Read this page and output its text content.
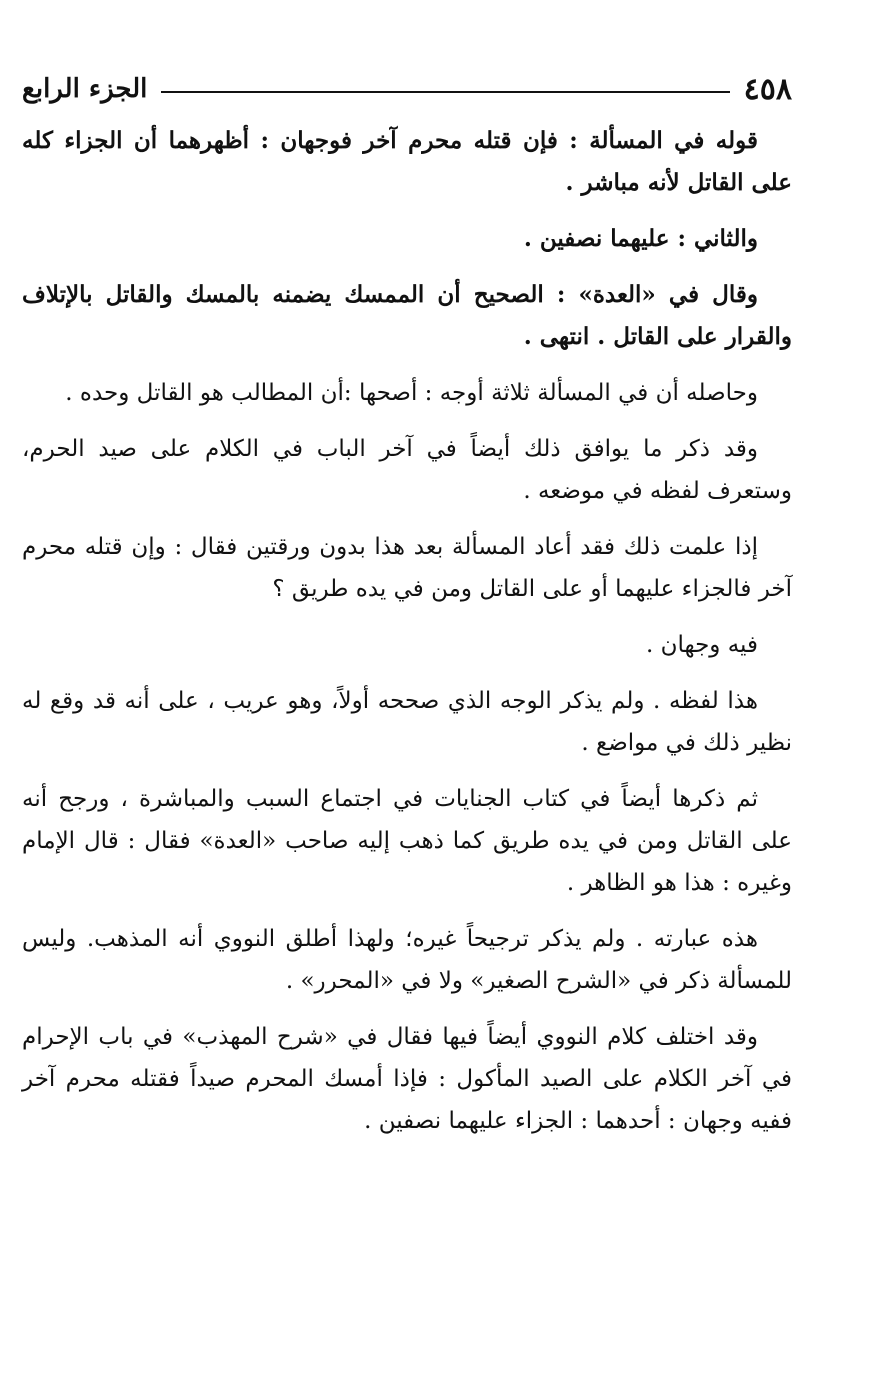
٤٥٨
الجزء الرابع

قوله في المسألة : فإن قتله محرم آخر فوجهان : أظهرهما أن الجزاء كله على القاتل لأنه مباشر .

والثاني : عليهما نصفين .

وقال في «العدة» : الصحيح أن الممسك يضمنه بالمسك والقاتل بالإتلاف والقرار على القاتل . انتهى .

وحاصله أن في المسألة ثلاثة أوجه : أصحها :أن المطالب هو القاتل وحده .

وقد ذكر ما يوافق ذلك أيضاً في آخر الباب في الكلام على صيد الحرم، وستعرف لفظه في موضعه .

إذا علمت ذلك فقد أعاد المسألة بعد هذا بدون ورقتين فقال : وإن قتله محرم آخر فالجزاء عليهما أو على القاتل ومن في يده طريق ؟

فيه وجهان .

هذا لفظه . ولم يذكر الوجه الذي صححه أولاً، وهو عريب ، على أنه قد وقع له نظير ذلك في مواضع .

ثم ذكرها أيضاً في كتاب الجنايات في اجتماع السبب والمباشرة ، ورجح أنه على القاتل ومن في يده طريق كما ذهب إليه صاحب «العدة» فقال : قال الإمام وغيره : هذا هو الظاهر .

هذه عبارته . ولم يذكر ترجيحاً غيره؛ ولهذا أطلق النووي أنه المذهب. وليس للمسألة ذكر في «الشرح الصغير» ولا في «المحرر» .

وقد اختلف كلام النووي أيضاً فيها فقال في «شرح المهذب» في باب الإحرام في آخر الكلام على الصيد المأكول : فإذا أمسك المحرم صيداً فقتله محرم آخر ففيه وجهان : أحدهما : الجزاء عليهما نصفين .
